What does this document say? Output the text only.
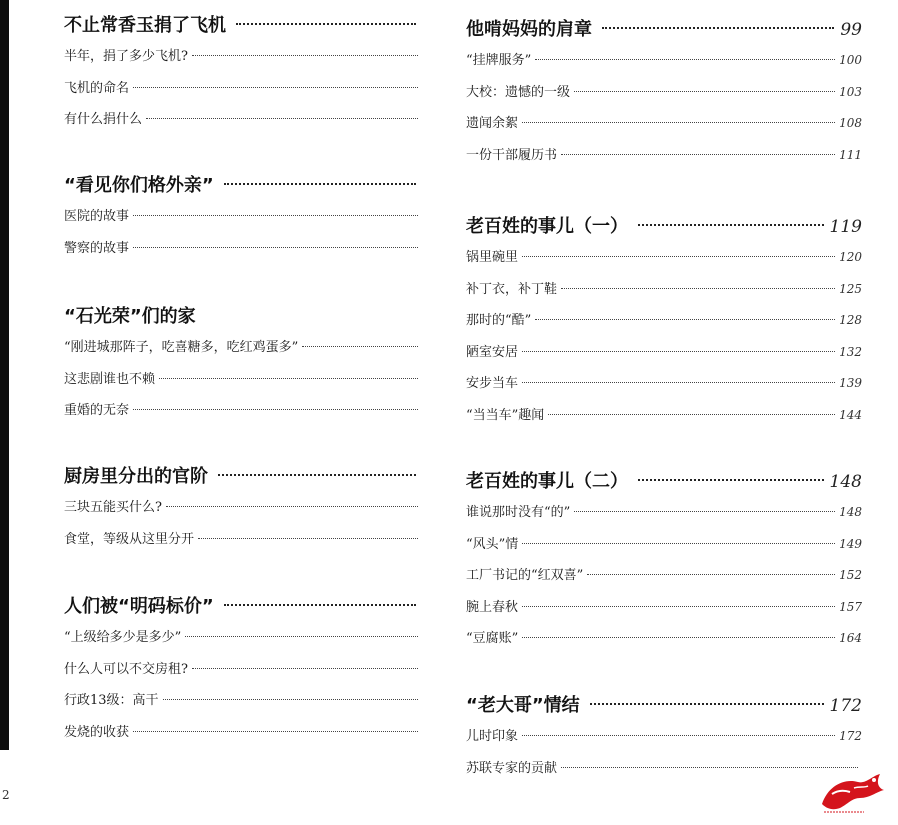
2
不止常香玉捐了飞机
半年，捐了多少飞机?
飞机的命名
有什么捐什么
“看见你们格外亲”
医院的故事
警察的故事
“石光荣”们的家
“刚进城那阵子，吃喜糖多，吃红鸡蛋多”
这悲剧谁也不赖
重婚的无奈
厨房里分出的官阶
三块五能买什么?
食堂，等级从这里分开
人们被“明码标价”
“上级给多少是多少”
什么人可以不交房租?
行政13级：高干
发烧的收获
他啃妈妈的肩章	99
“挂牌服务”	100
大校：遗憾的一级	103
遗闻余絮	108
一份干部履历书	111
老百姓的事儿（一）	119
锅里碗里	120
补丁衣，补丁鞋	125
那时的“酷”	128
陋室安居	132
安步当车	139
“当当车”趣闻	144
老百姓的事儿（二）	148
谁说那时没有“的”	148
“风头”情	149
工厂书记的“红双喜”	152
腕上春秋	157
“豆腐账”	164
“老大哥”情结	172
儿时印象	172
苏联专家的贡献
